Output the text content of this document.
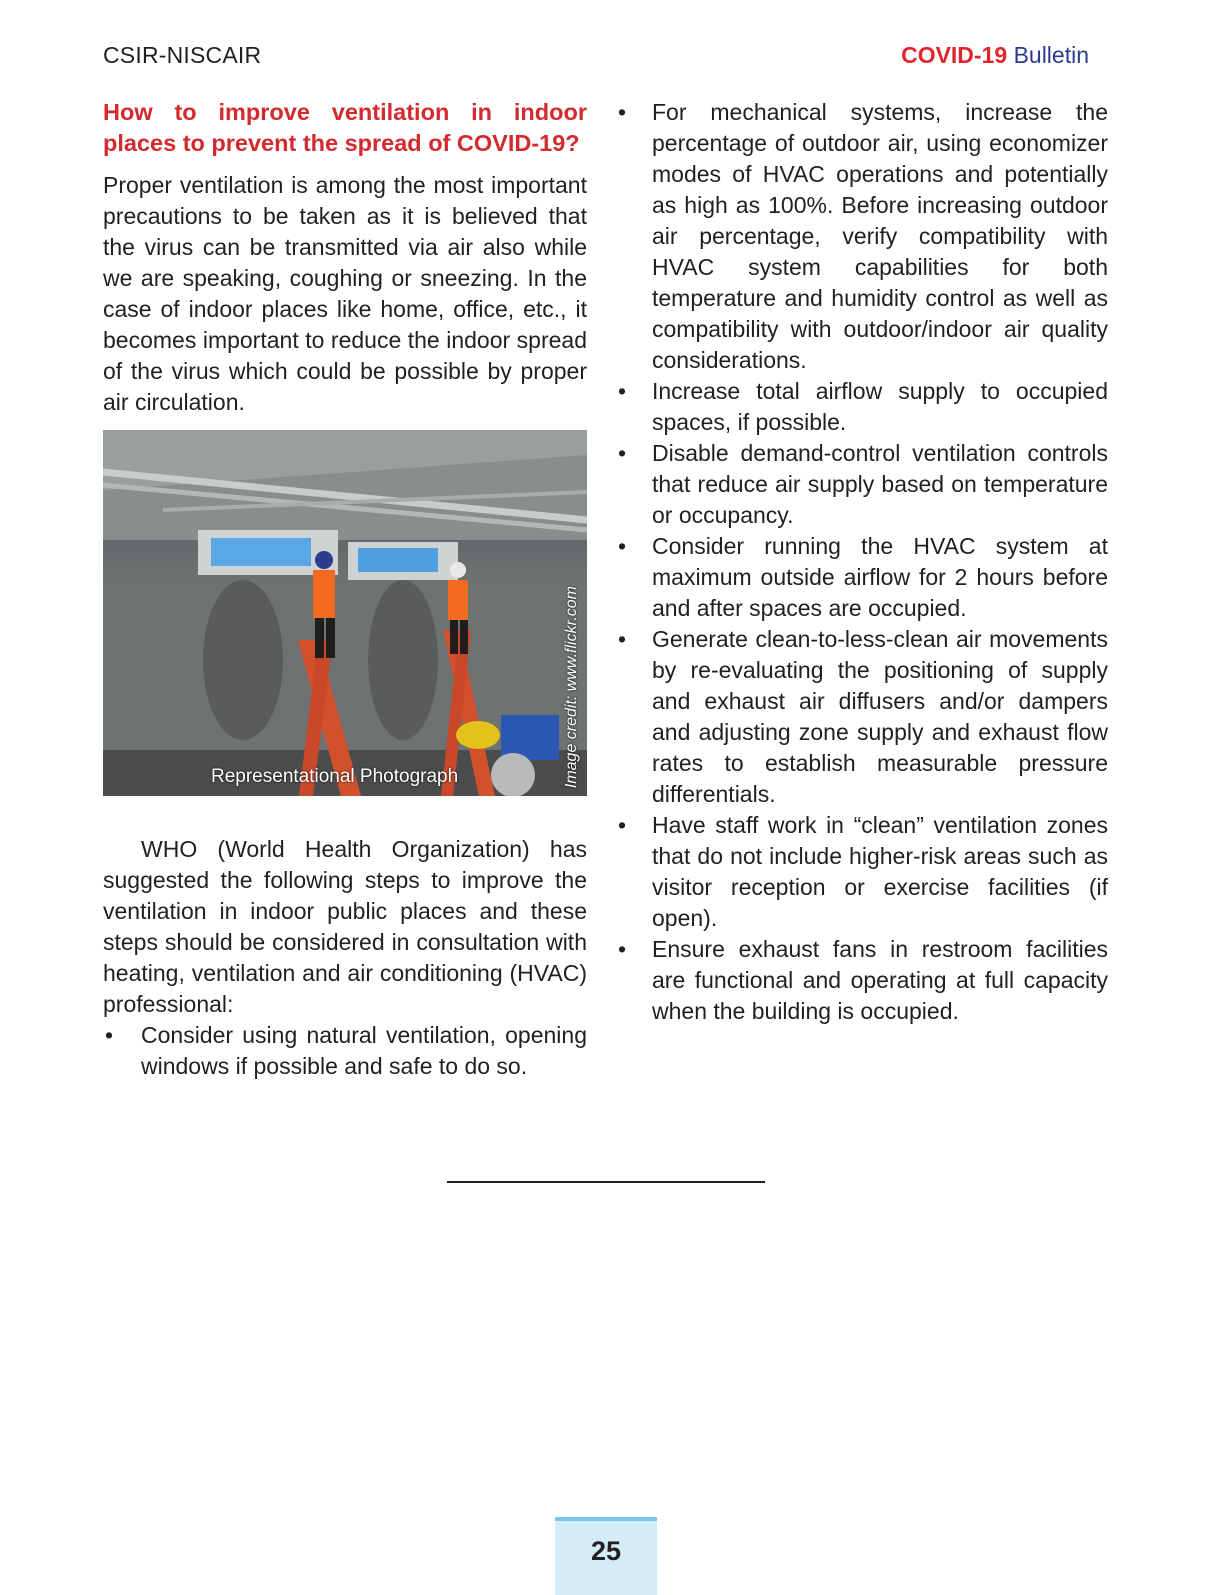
CSIR-NISCAIR	COVID-19 Bulletin

How to improve ventilation in indoor places to prevent the spread of COVID-19?

Proper ventilation is among the most important precautions to be taken as it is believed that the virus can be transmitted via air also while we are speaking, coughing or sneezing. In the case of indoor places like home, office, etc., it becomes important to reduce the indoor spread of the virus which could be possible by proper air circulation.

Representational Photograph	Image credit: www.flickr.com

WHO (World Health Organization) has suggested the following steps to improve the ventilation in indoor public places and these steps should be considered in consultation with heating, ventilation and air conditioning (HVAC) professional:

• Consider using natural ventilation, opening windows if possible and safe to do so.
• For mechanical systems, increase the percentage of outdoor air, using economizer modes of HVAC operations and potentially as high as 100%. Before increasing outdoor air percentage, verify compatibility with HVAC system capabilities for both temperature and humidity control as well as compatibility with outdoor/indoor air quality considerations.
• Increase total airflow supply to occupied spaces, if possible.
• Disable demand-control ventilation controls that reduce air supply based on temperature or occupancy.
• Consider running the HVAC system at maximum outside airflow for 2 hours before and after spaces are occupied.
• Generate clean-to-less-clean air movements by re-evaluating the positioning of supply and exhaust air diffusers and/or dampers and adjusting zone supply and exhaust flow rates to establish measurable pressure differentials.
• Have staff work in “clean” ventilation zones that do not include higher-risk areas such as visitor reception or exercise facilities (if open).
• Ensure exhaust fans in restroom facilities are functional and operating at full capacity when the building is occupied.
25
